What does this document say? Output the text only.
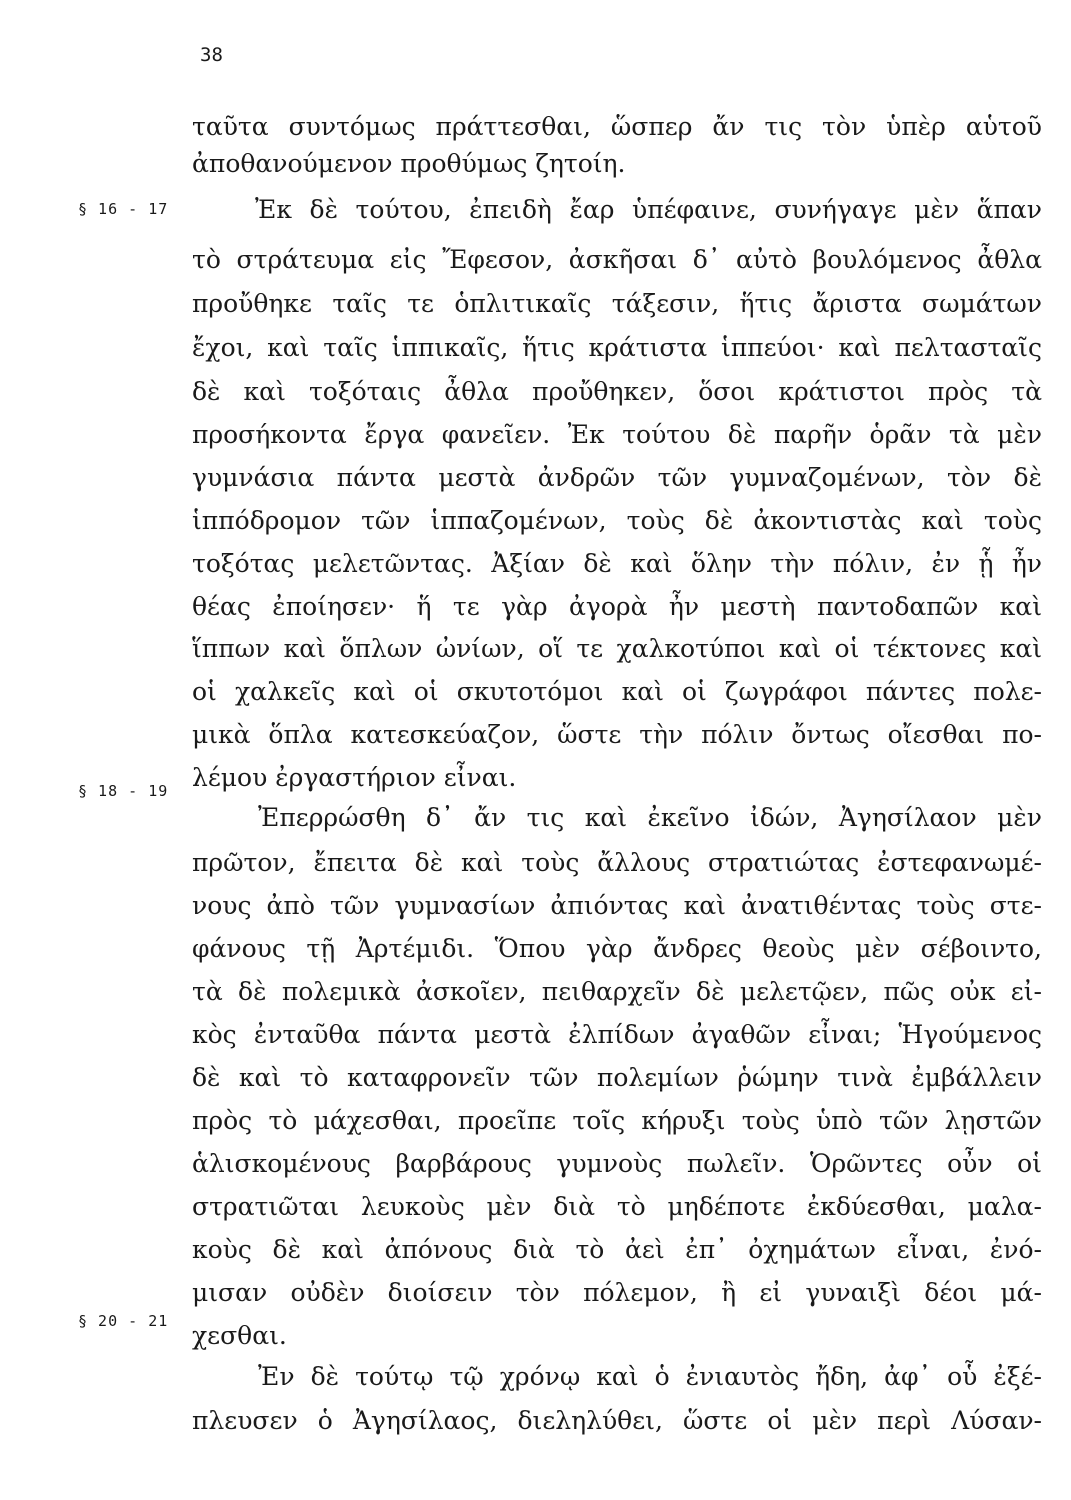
38
§ 16 - 17
§ 18 - 19
§ 20 - 21
ταῦτα συντόμως πράττεσθαι, ὥσπερ ἄν τις τὸν ὑπὲρ αὑτοῦ
ἀποθανούμενον προθύμως ζητοίη.
Ἐκ δὲ τούτου, ἐπειδὴ ἔαρ ὑπέφαινε, συνήγαγε μὲν ἅπαν
τὸ στράτευμα εἰς Ἔφεσον, ἀσκῆσαι δ᾽ αὐτὸ βουλόμενος ἆθλα
προὔθηκε ταῖς τε ὁπλιτικαῖς τάξεσιν, ἥτις ἄριστα σωμάτων
ἔχοι, καὶ ταῖς ἱππικαῖς, ἥτις κράτιστα ἱππεύοι· καὶ πελτασταῖς
δὲ καὶ τοξόταις ἆθλα προὔθηκεν, ὅσοι κράτιστοι πρὸς τὰ
προσήκοντα ἔργα φανεῖεν. Ἐκ τούτου δὲ παρῆν ὁρᾶν τὰ μὲν
γυμνάσια πάντα μεστὰ ἀνδρῶν τῶν γυμναζομένων, τὸν δὲ
ἱππόδρομον τῶν ἱππαζομένων, τοὺς δὲ ἀκοντιστὰς καὶ τοὺς
τοξότας μελετῶντας. Ἀξίαν δὲ καὶ ὅλην τὴν πόλιν, ἐν ᾗ ἦν
θέας ἐποίησεν· ἥ τε γὰρ ἀγορὰ ἦν μεστὴ παντοδαπῶν καὶ
ἵππων καὶ ὅπλων ὠνίων, οἵ τε χαλκοτύποι καὶ οἱ τέκτονες καὶ
οἱ χαλκεῖς καὶ οἱ σκυτοτόμοι καὶ οἱ ζωγράφοι πάντες πολε-
μικὰ ὅπλα κατεσκεύαζον, ὥστε τὴν πόλιν ὄντως οἴεσθαι πο-
λέμου ἐργαστήριον εἶναι.
Ἐπερρώσθη δ᾽ ἄν τις καὶ ἐκεῖνο ἰδών, Ἀγησίλαον μὲν
πρῶτον, ἔπειτα δὲ καὶ τοὺς ἄλλους στρατιώτας ἐστεφανωμέ-
νους ἀπὸ τῶν γυμνασίων ἀπιόντας καὶ ἀνατιθέντας τοὺς στε-
φάνους τῇ Ἀρτέμιδι. Ὅπου γὰρ ἄνδρες θεοὺς μὲν σέβοιντο,
τὰ δὲ πολεμικὰ ἀσκοῖεν, πειθαρχεῖν δὲ μελετῷεν, πῶς οὐκ εἰ-
κὸς ἐνταῦθα πάντα μεστὰ ἐλπίδων ἀγαθῶν εἶναι; Ἡγούμενος
δὲ καὶ τὸ καταφρονεῖν τῶν πολεμίων ῥώμην τινὰ ἐμβάλλειν
πρὸς τὸ μάχεσθαι, προεῖπε τοῖς κήρυξι τοὺς ὑπὸ τῶν λῃστῶν
ἁλισκομένους βαρβάρους γυμνοὺς πωλεῖν. Ὁρῶντες οὖν οἱ
στρατιῶται λευκοὺς μὲν διὰ τὸ μηδέποτε ἐκδύεσθαι, μαλα-
κοὺς δὲ καὶ ἀπόνους διὰ τὸ ἀεὶ ἐπ᾽ ὀχημάτων εἶναι, ἐνό-
μισαν οὐδὲν διοίσειν τὸν πόλεμον, ἢ εἰ γυναιξὶ δέοι μά-
χεσθαι.
Ἐν δὲ τούτῳ τῷ χρόνῳ καὶ ὁ ἐνιαυτὸς ἤδη, ἀφ᾽ οὗ ἐξέ-
πλευσεν ὁ Ἀγησίλαος, διεληλύθει, ὥστε οἱ μὲν περὶ Λύσαν-
